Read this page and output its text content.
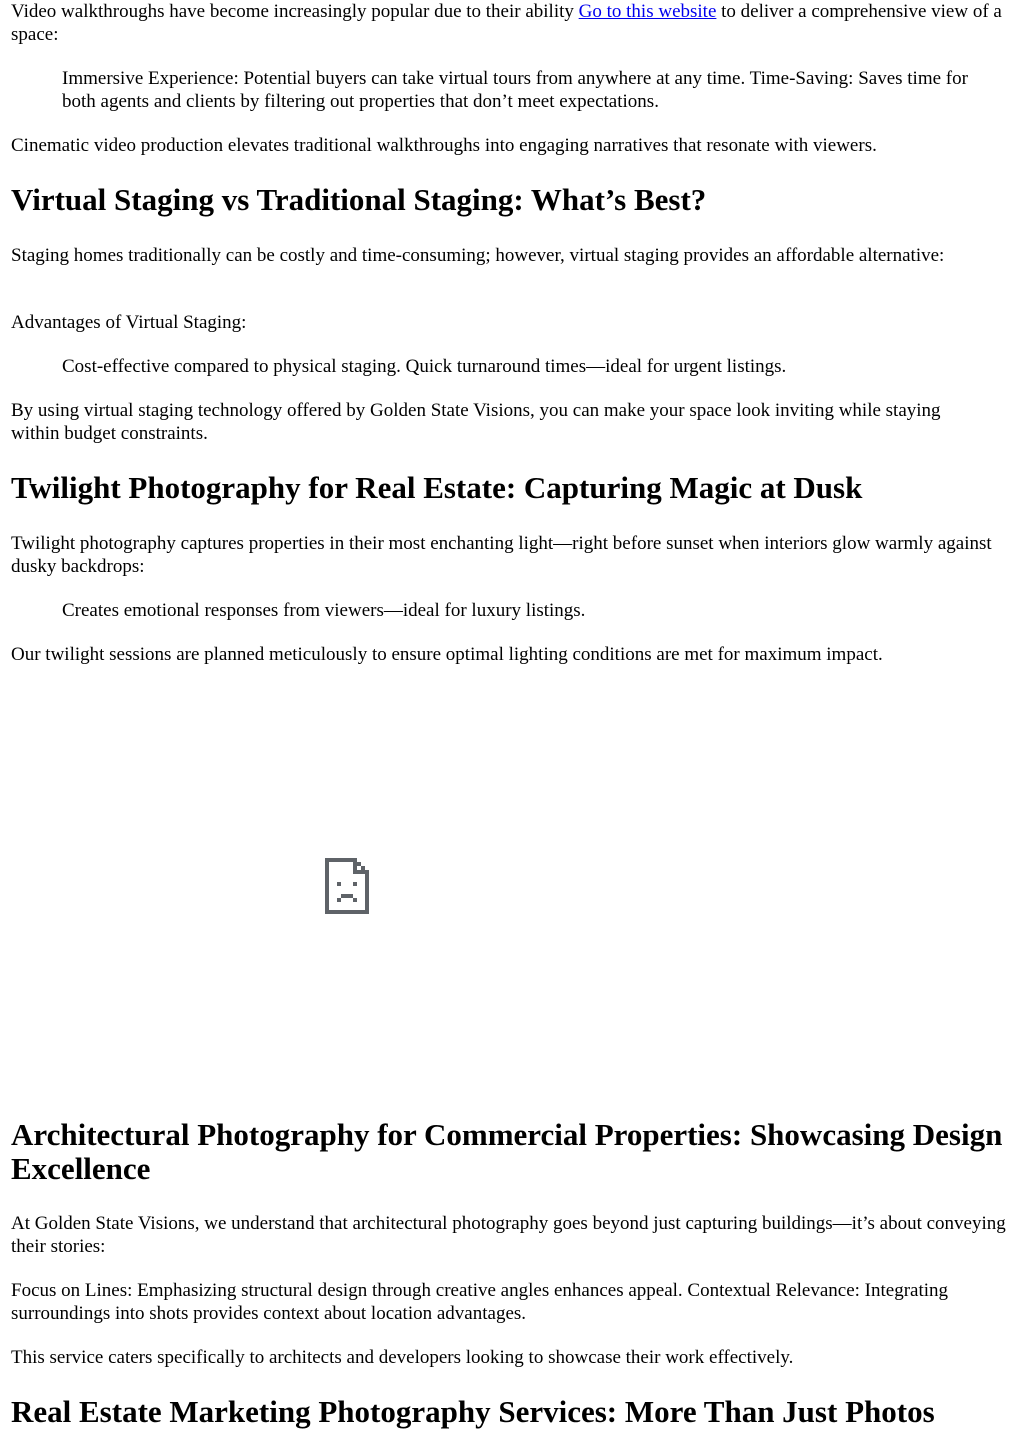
Video walkthroughs have become increasingly popular due to their ability Go to this website to deliver a comprehensive view of a space:

Immersive Experience: Potential buyers can take virtual tours from anywhere at any time. Time-Saving: Saves time for both agents and clients by filtering out properties that don’t meet expectations.

Cinematic video production elevates traditional walkthroughs into engaging narratives that resonate with viewers.

Virtual Staging vs Traditional Staging: What’s Best?

Staging homes traditionally can be costly and time-consuming; however, virtual staging provides an affordable alternative:

Advantages of Virtual Staging:

Cost-effective compared to physical staging. Quick turnaround times—ideal for urgent listings.

By using virtual staging technology offered by Golden State Visions, you can make your space look inviting while staying within budget constraints.

Twilight Photography for Real Estate: Capturing Magic at Dusk

Twilight photography captures properties in their most enchanting light—right before sunset when interiors glow warmly against dusky backdrops:

Creates emotional responses from viewers—ideal for luxury listings.

Our twilight sessions are planned meticulously to ensure optimal lighting conditions are met for maximum impact.

Architectural Photography for Commercial Properties: Showcasing Design Excellence

At Golden State Visions, we understand that architectural photography goes beyond just capturing buildings—it’s about conveying their stories:

Focus on Lines: Emphasizing structural design through creative angles enhances appeal. Contextual Relevance: Integrating surroundings into shots provides context about location advantages.

This service caters specifically to architects and developers looking to showcase their work effectively.

Real Estate Marketing Photography Services: More Than Just Photos
